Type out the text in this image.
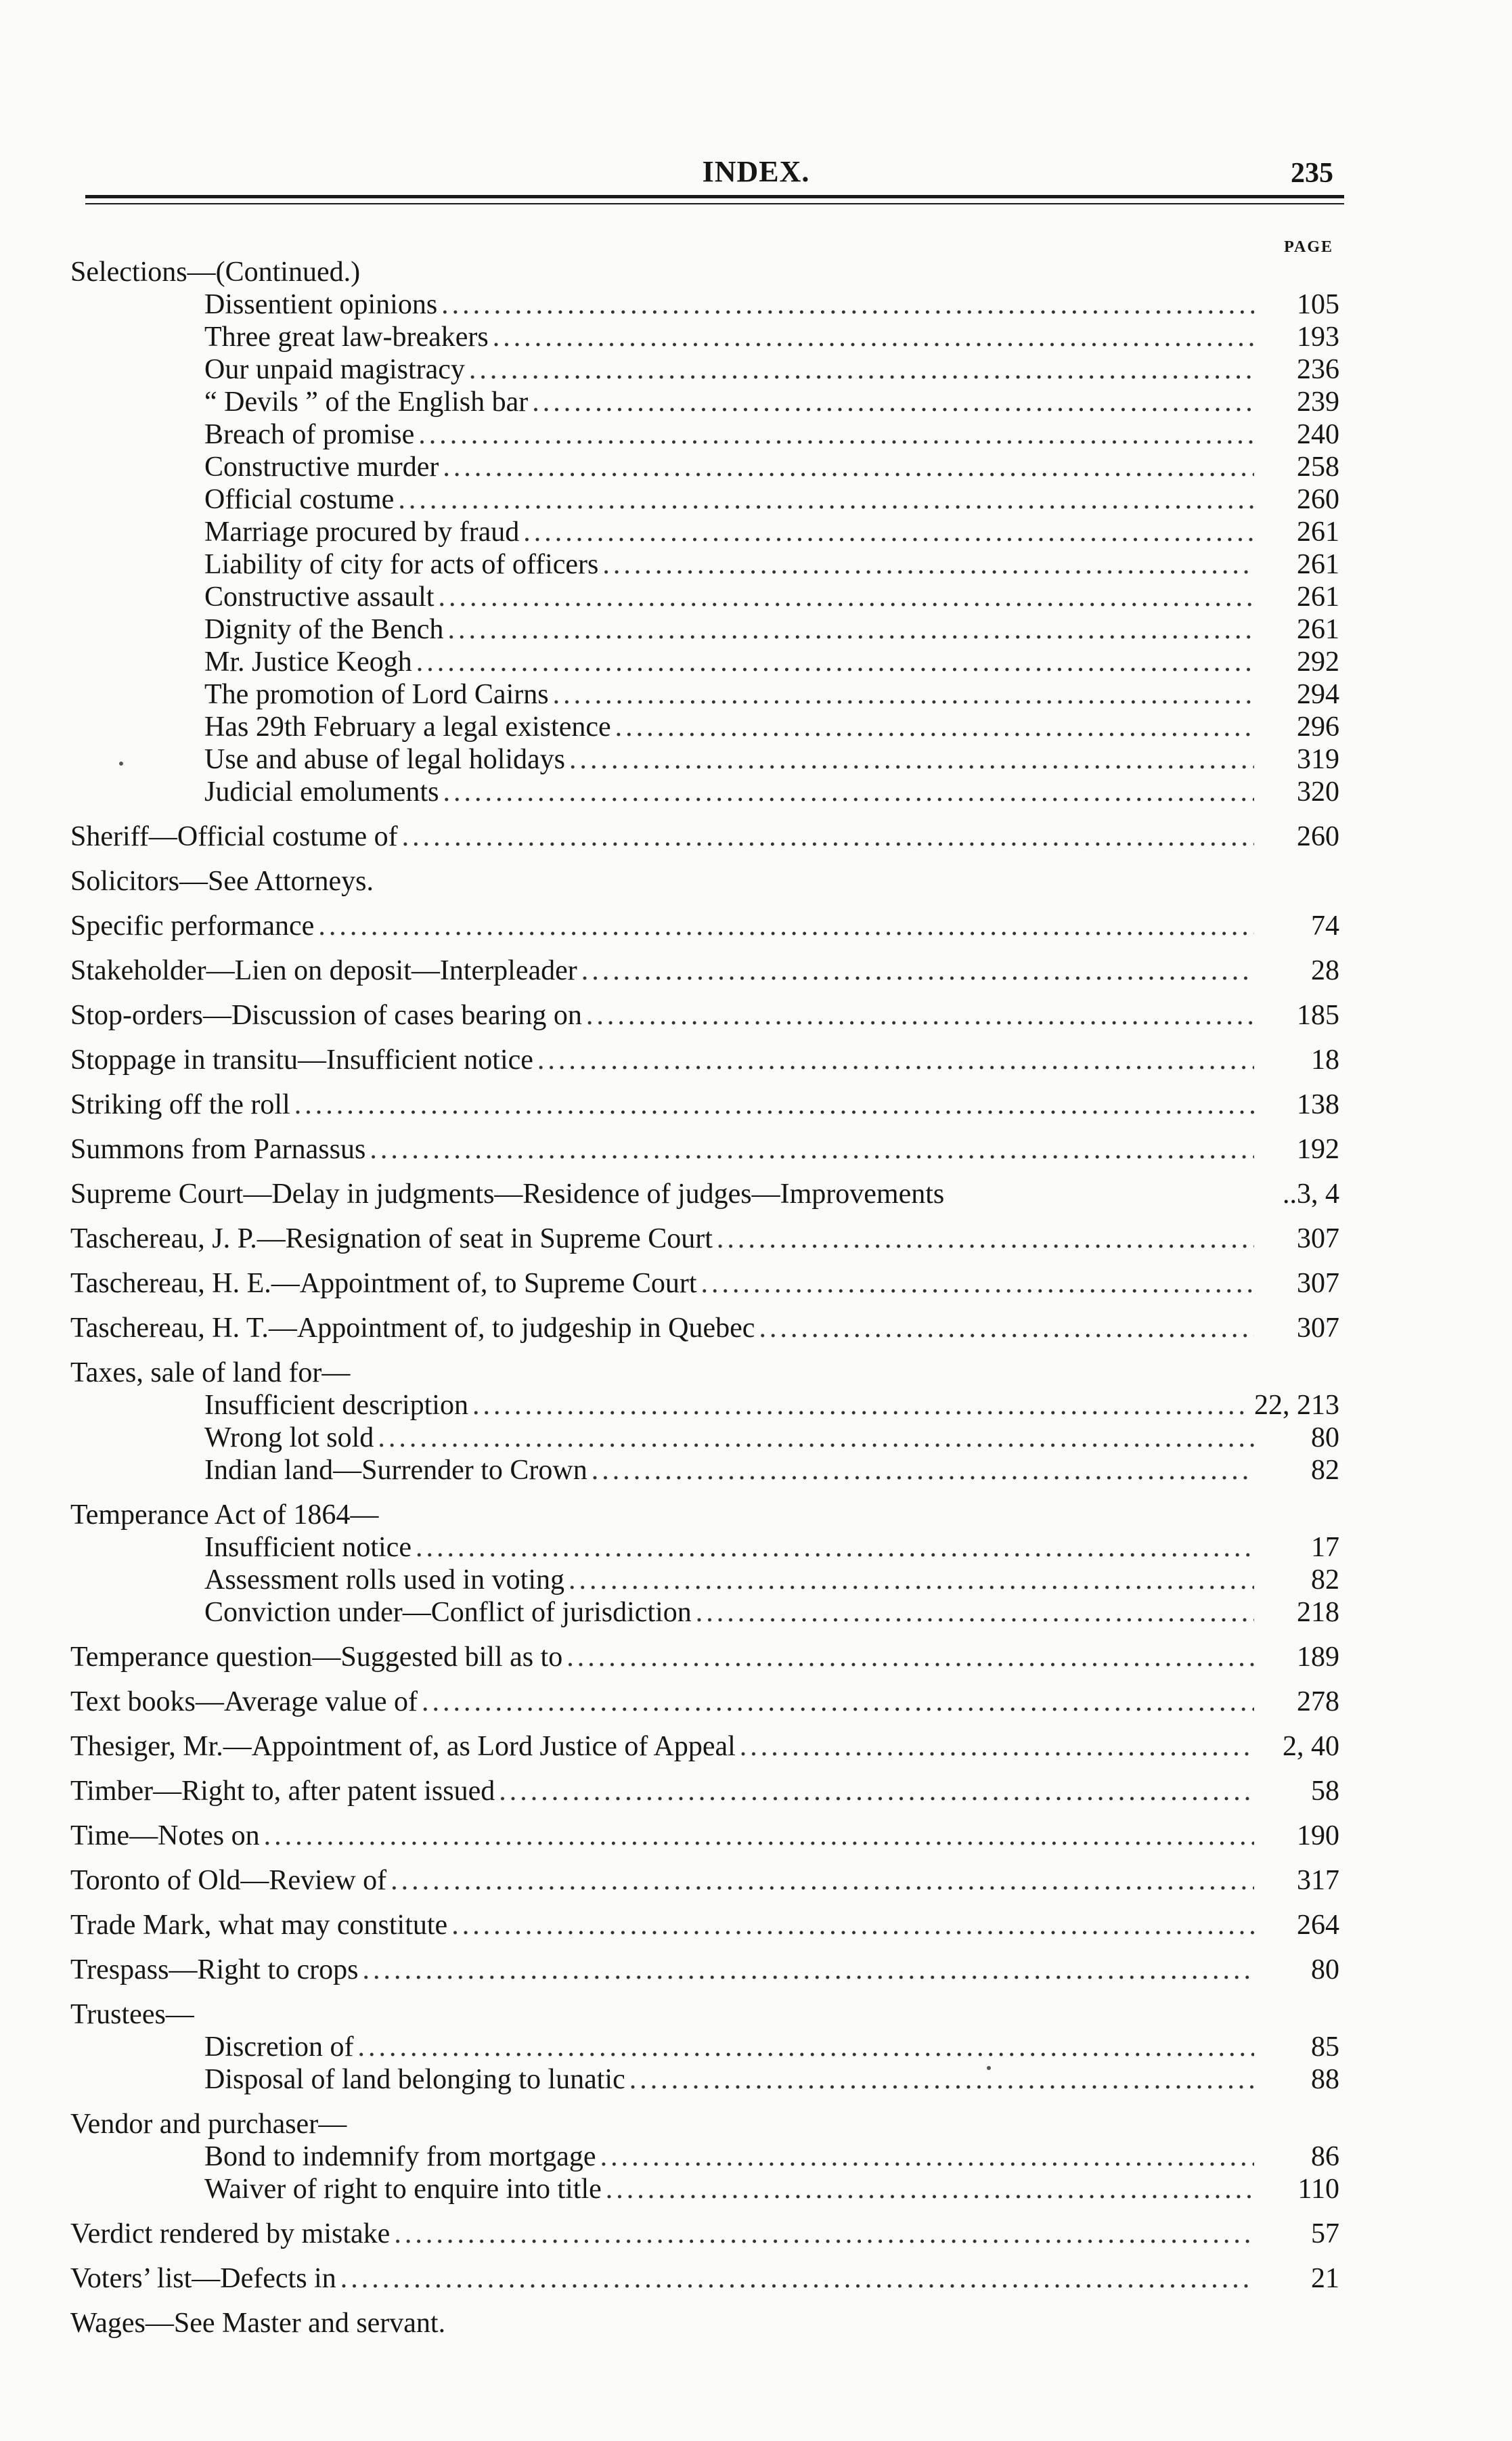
INDEX.	235
PAGE
Selections—(Continued.)
Dissentient opinions .....	105
Three great law-breakers .....	193
Our unpaid magistracy .....	236
“ Devils ” of the English bar .....	239
Breach of promise .....	240
Constructive murder .....	258
Official costume .....	260
Marriage procured by fraud .....	261
Liability of city for acts of officers .....	261
Constructive assault .....	261
Dignity of the Bench .....	261
Mr. Justice Keogh .....	292
The promotion of Lord Cairns .....	294
Has 29th February a legal existence .....	296
Use and abuse of legal holidays .....	319
Judicial emoluments .....	320
Sheriff—Official costume of .....	260
Solicitors—See Attorneys.
Specific performance .....	74
Stakeholder—Lien on deposit—Interpleader .....	28
Stop-orders—Discussion of cases bearing on .....	185
Stoppage in transitu—Insufficient notice .....	18
Striking off the roll .....	138
Summons from Parnassus .....	192
Supreme Court—Delay in judgments—Residence of judges—Improvements	..3, 4
Taschereau, J. P.—Resignation of seat in Supreme Court .....	307
Taschereau, H. E.—Appointment of, to Supreme Court .....	307
Taschereau, H. T.—Appointment of, to judgeship in Quebec .....	307
Taxes, sale of land for—
Insufficient description .....	22, 213
Wrong lot sold .....	80
Indian land—Surrender to Crown .....	82
Temperance Act of 1864—
Insufficient notice .....	17
Assessment rolls used in voting .....	82
Conviction under—Conflict of jurisdiction .....	218
Temperance question—Suggested bill as to .....	189
Text books—Average value of .....	278
Thesiger, Mr.—Appointment of, as Lord Justice of Appeal .....	2, 40
Timber—Right to, after patent issued .....	58
Time—Notes on .....	190
Toronto of Old—Review of .....	317
Trade Mark, what may constitute .....	264
Trespass—Right to crops .....	80
Trustees—
Discretion of .....	85
Disposal of land belonging to lunatic .....	88
Vendor and purchaser—
Bond to indemnify from mortgage .....	86
Waiver of right to enquire into title .....	110
Verdict rendered by mistake .....	57
Voters’ list—Defects in .....	21
Wages—See Master and servant.
